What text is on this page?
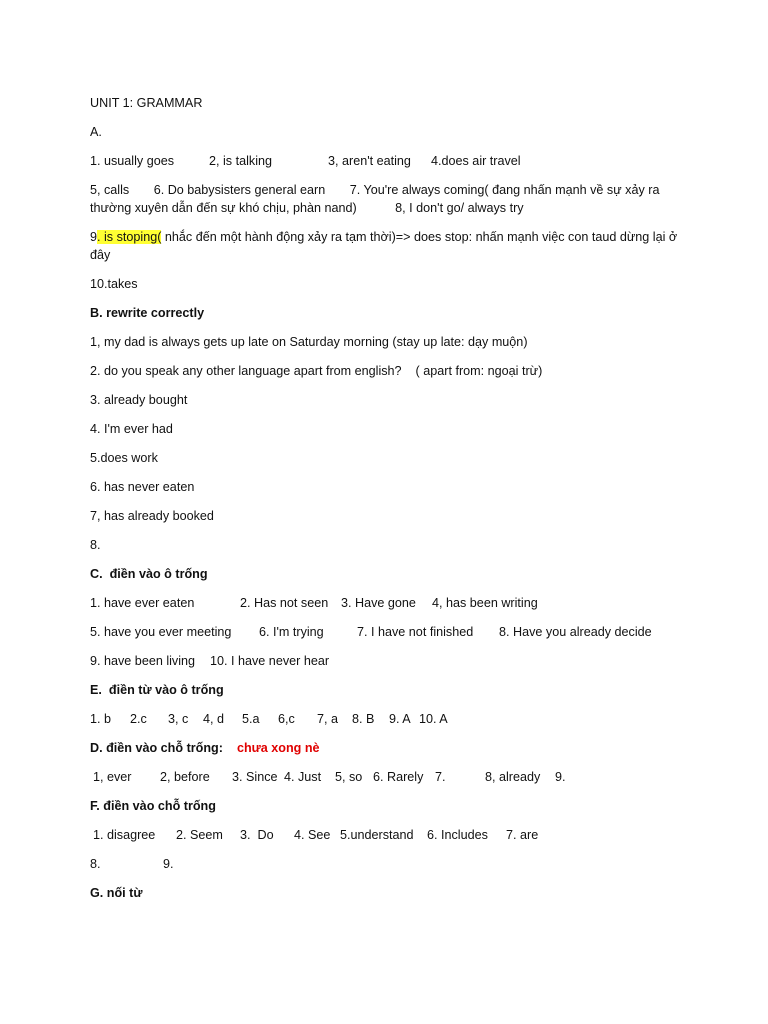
UNIT 1: GRAMMAR

A.

1. usually goes	2, is talking	3, aren't eating	4.does air travel

5, calls       6. Do babysisters general earn       7. You're always coming( đang nhấn mạnh về sự xảy ra

thường xuyên dẫn đến sự khó chịu, phàn nand)           8, I don't go/ always try

9. is stoping( nhắc đến một hành động xảy ra tạm thời)=> does stop: nhấn mạnh việc con taud dừng lại ở

đây

10.takes

B. rewrite correctly

1, my dad is always gets up late on Saturday morning (stay up late: dạy muộn)

2. do you speak any other language apart from english?    ( apart from: ngoại trừ)

3. already bought

4. I'm ever had

5.does work

6. has never eaten

7, has already booked

8.

C.  điền vào ô trống

1. have ever eaten	2. Has not seen	3. Have gone	4, has been writing
5. have you ever meeting	6. I'm trying	7. I have not finished	8. Have you already decide
9. have been living	10. I have never hear

E.  điền từ vào ô trống

1. b	2.c	3, c	4, d	5.a	6,c	7, a	8. B	9. A 10. A

D. điền vào chỗ trống: chưa xong nè

1, ever	2, before	3. Since 4. Just	5, so 6. Rarely 7.	8, already	9.

F. điền vào chỗ trống

1. disagree	2. Seem	3.  Do	4. See 5.understand	6. Includes	7. are
8.	9.

G. nối từ
